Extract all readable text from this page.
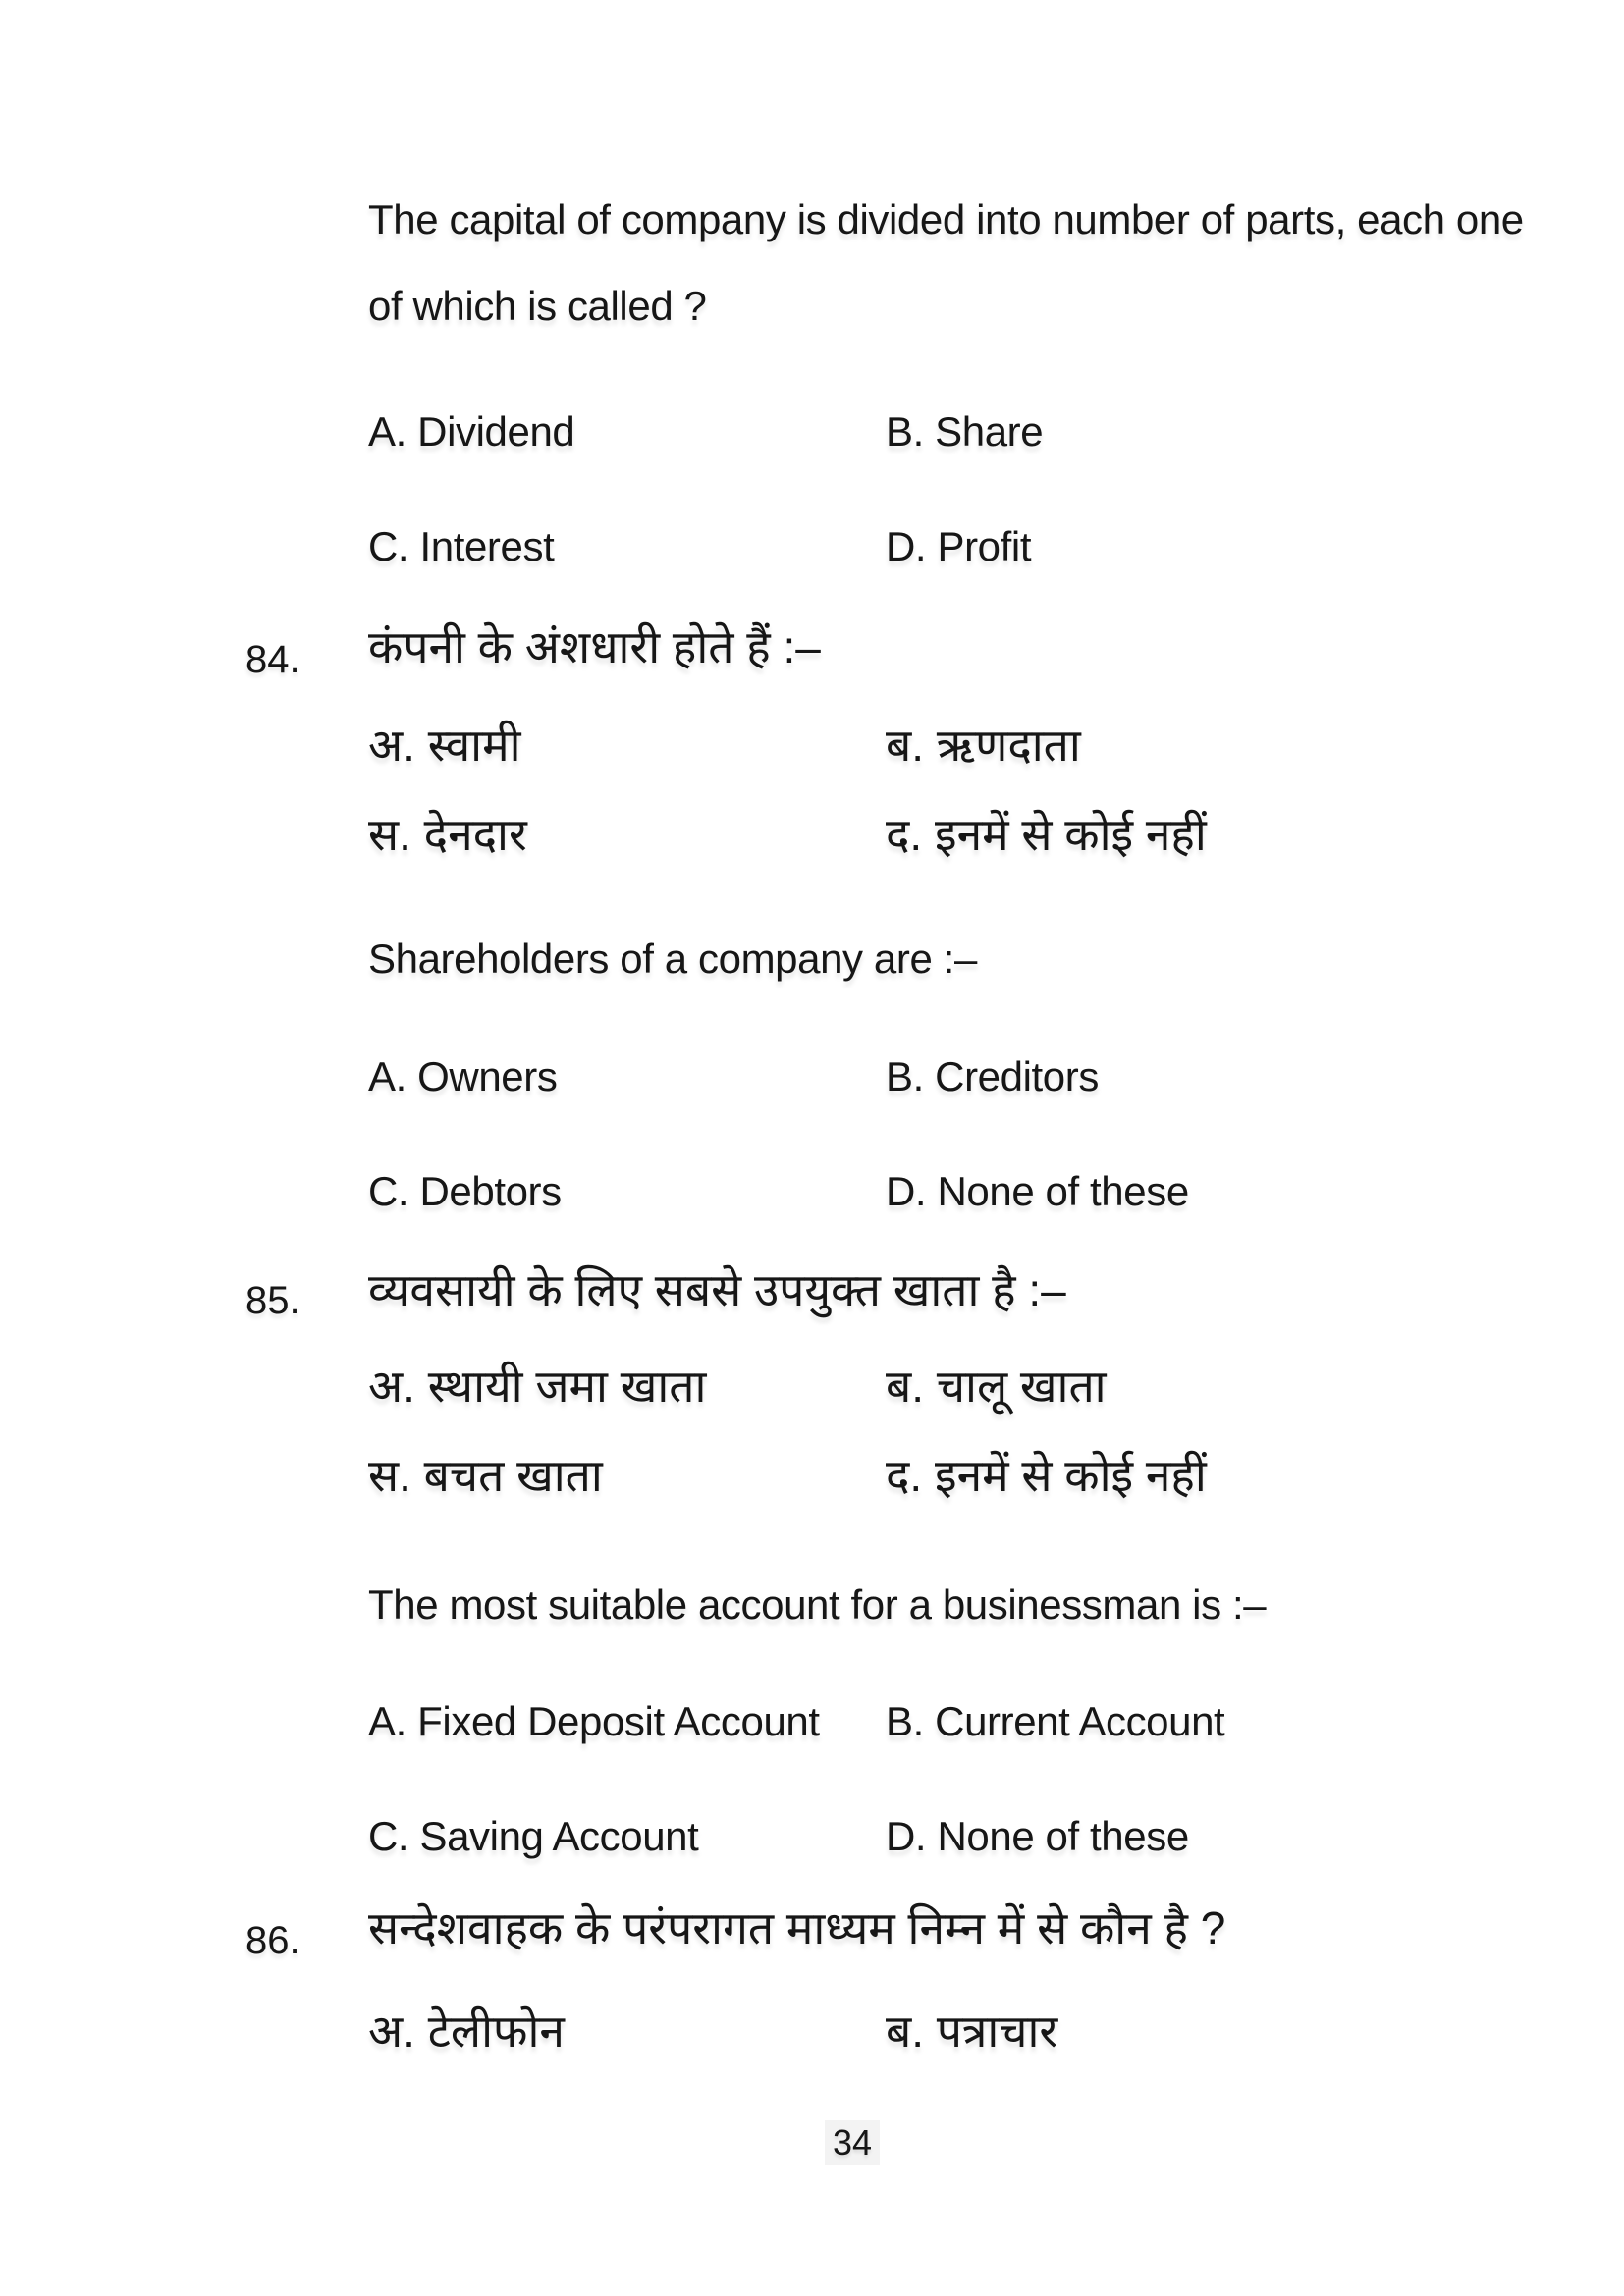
The capital of company is divided into number of parts, each one
of which is called ?
A. Dividend	B. Share
C. Interest	D. Profit
84. कंपनी के अंशधारी होते हैं :–
अ. स्वामी	ब. ऋणदाता
स. देनदार	द. इनमें से कोई नहीं
Shareholders of a company are :–
A. Owners	B. Creditors
C. Debtors	D. None of these
85. व्यवसायी के लिए सबसे उपयुक्त खाता है :–
अ. स्थायी जमा खाता	ब. चालू खाता
स. बचत खाता	द. इनमें से कोई नहीं
The most suitable account for a businessman is :–
A. Fixed Deposit Account B. Current Account
C. Saving Account	D. None of these
86. सन्देशवाहक के परंपरागत माध्यम निम्न में से कौन है ?
अ. टेलीफोन	ब. पत्राचार
34
